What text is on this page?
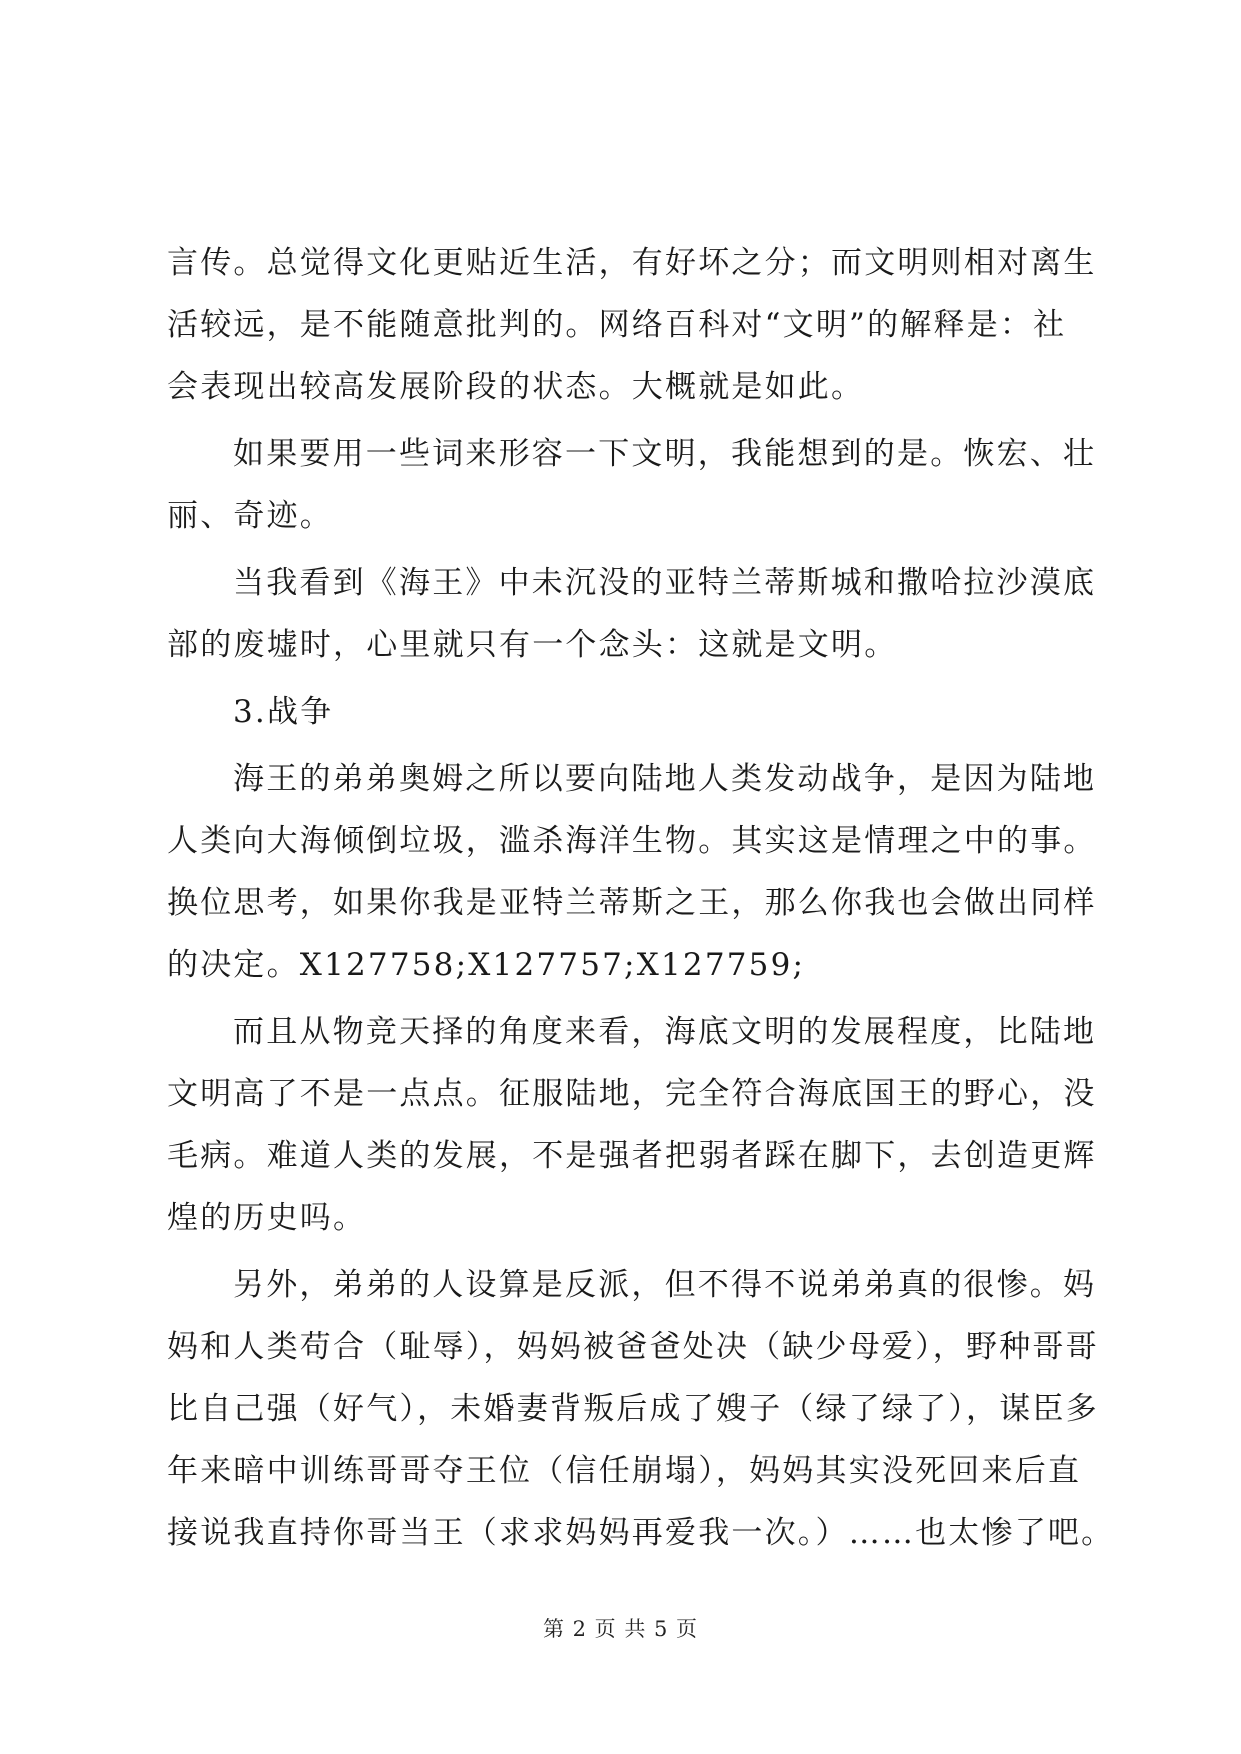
言传。总觉得文化更贴近生活，有好坏之分；而文明则相对离生
活较远，是不能随意批判的。网络百科对“文明”的解释是：社
会表现出较高发展阶段的状态。大概就是如此。
如果要用一些词来形容一下文明，我能想到的是。恢宏、壮
丽、奇迹。
当我看到《海王》中未沉没的亚特兰蒂斯城和撒哈拉沙漠底
部的废墟时，心里就只有一个念头：这就是文明。
3.战争
海王的弟弟奥姆之所以要向陆地人类发动战争，是因为陆地
人类向大海倾倒垃圾，滥杀海洋生物。其实这是情理之中的事。
换位思考，如果你我是亚特兰蒂斯之王，那么你我也会做出同样
的决定。X127758;X127757;X127759;
而且从物竞天择的角度来看，海底文明的发展程度，比陆地
文明高了不是一点点。征服陆地，完全符合海底国王的野心，没
毛病。难道人类的发展，不是强者把弱者踩在脚下，去创造更辉
煌的历史吗。
另外，弟弟的人设算是反派，但不得不说弟弟真的很惨。妈
妈和人类苟合（耻辱），妈妈被爸爸处决（缺少母爱），野种哥哥
比自己强（好气），未婚妻背叛后成了嫂子（绿了绿了），谋臣多
年来暗中训练哥哥夺王位（信任崩塌），妈妈其实没死回来后直
接说我直持你哥当王（求求妈妈再爱我一次。）……也太惨了吧。
第 2 页 共 5 页
